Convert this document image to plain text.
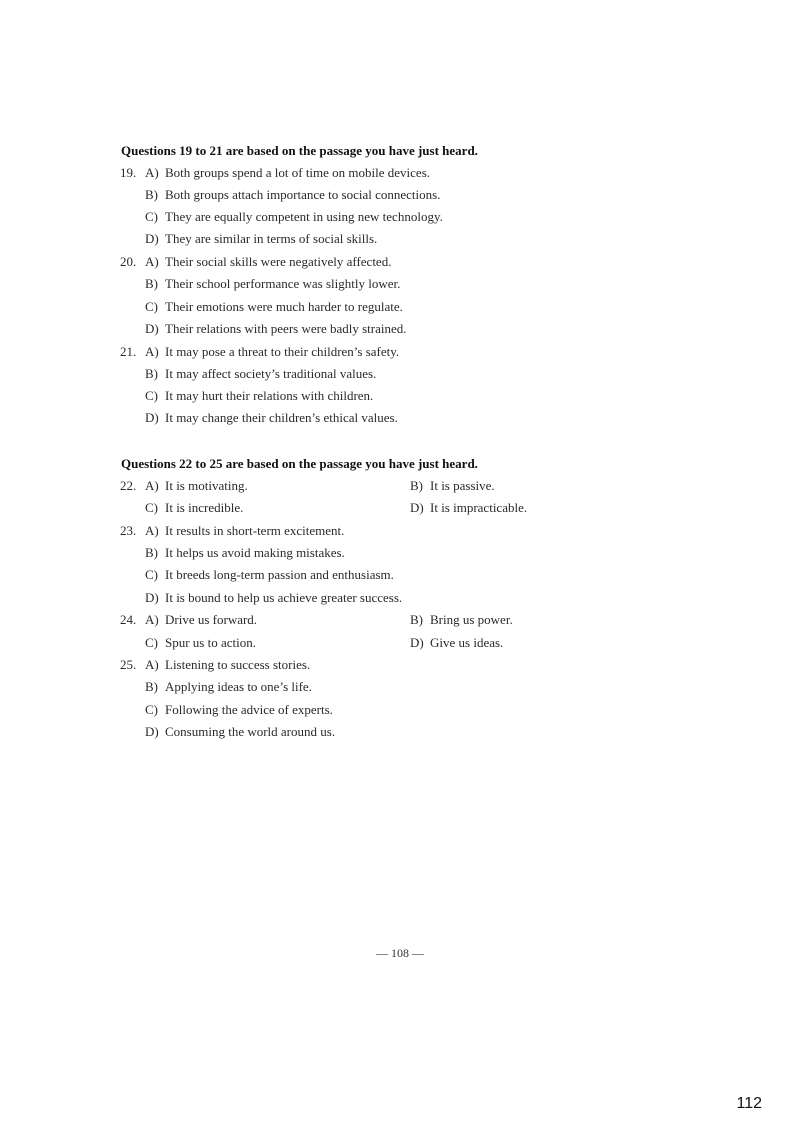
Questions 19 to 21 are based on the passage you have just heard.
19. A) Both groups spend a lot of time on mobile devices.
B) Both groups attach importance to social connections.
C) They are equally competent in using new technology.
D) They are similar in terms of social skills.
20. A) Their social skills were negatively affected.
B) Their school performance was slightly lower.
C) Their emotions were much harder to regulate.
D) Their relations with peers were badly strained.
21. A) It may pose a threat to their children’s safety.
B) It may affect society’s traditional values.
C) It may hurt their relations with children.
D) It may change their children’s ethical values.
Questions 22 to 25 are based on the passage you have just heard.
22. A) It is motivating.	B) It is passive.
C) It is incredible.	D) It is impracticable.
23. A) It results in short-term excitement.
B) It helps us avoid making mistakes.
C) It breeds long-term passion and enthusiasm.
D) It is bound to help us achieve greater success.
24. A) Drive us forward.	B) Bring us power.
C) Spur us to action.	D) Give us ideas.
25. A) Listening to success stories.
B) Applying ideas to one’s life.
C) Following the advice of experts.
D) Consuming the world around us.
— 108 —
112
